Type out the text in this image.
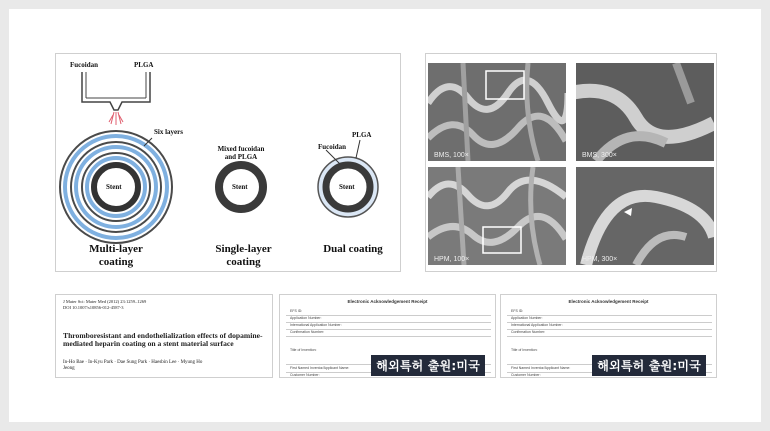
Fucoidan	PLGA
Six layers
Stent
Mixed fucoidan and PLGA
Stent
Fucoidan
PLGA
Stent
Multi-layer coating
Single-layer coating
Dual coating
BMS, 100×	BMS, 300×
HPM, 100×	HPM, 300×
J Mater Sci: Mater Med (2012) 23:1259–1269
DOI 10.1007/s10856-012-4587-3
Thromboresistant and endothelialization effects of dopamine-mediated heparin coating on a stent material surface
In-Ho Bae · In-Kyu Park · Dae Sung Park · Haesbin Lee · Myung Ho Jeong
Electronic Acknowledgement Receipt
EFS ID:
Application Number:
International Application Number:
Confirmation Number:
Title of Invention:
First Named Inventor/Applicant Name:
Customer Number:
해외특허 출원:미국
Electronic Acknowledgement Receipt
EFS ID:
Application Number:
International Application Number:
Confirmation Number:
Title of Invention:
First Named Inventor/Applicant Name:
Customer Number:
해외특허 출원:미국
